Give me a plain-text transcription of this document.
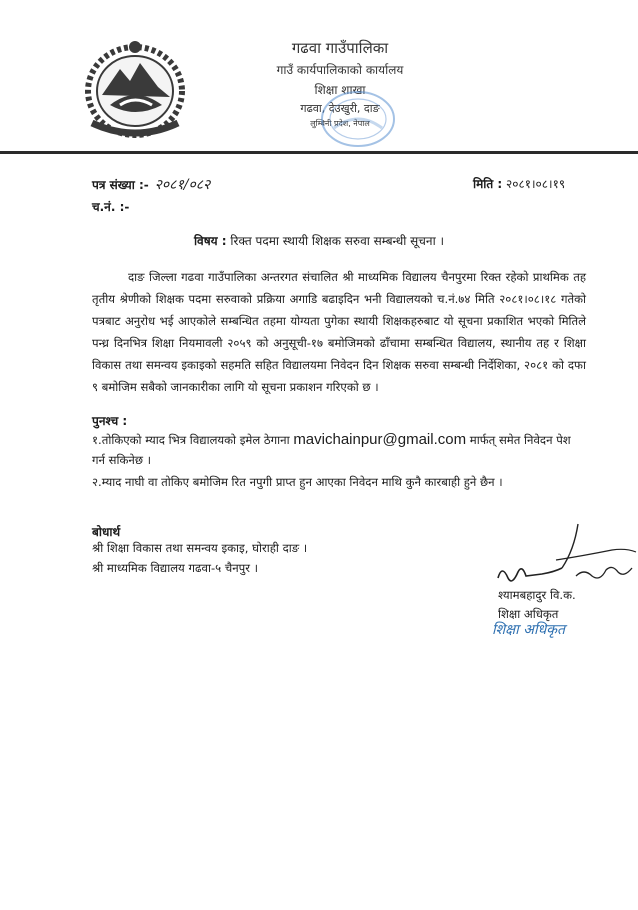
गढवा गाउँपालिका
गाउँ कार्यपालिकाको कार्यालय
शिक्षा शाखा
गढवा, देउखुरी, दाङ
लुम्बिनी प्रदेश, नेपाल
पत्र संख्या :- २०८१/०८२
च.नं. :-
मिति : २०८१।०८।१९
विषय : रिक्त पदमा स्थायी शिक्षक सरुवा सम्बन्धी सूचना ।
दाङ जिल्ला गढवा गाउँपालिका अन्तरगत संचालित श्री माध्यमिक विद्यालय चैनपुरमा रिक्त रहेको प्राथमिक तह तृतीय श्रेणीको शिक्षक पदमा सरुवाको प्रक्रिया अगाडि बढाइदिन भनी विद्यालयको च.नं.७४ मिति २०८१।०८।१८ गतेको पत्रबाट अनुरोध भई आएकोले सम्बन्धित तहमा योग्यता पुगेका स्थायी शिक्षकहरुबाट यो सूचना प्रकाशित भएको मितिले पन्ध्र दिनभित्र शिक्षा नियमावली २०५९ को अनुसूची-१७ बमोजिमको ढाँचामा सम्बन्धित विद्यालय, स्थानीय तह र शिक्षा विकास तथा समन्वय इकाइको सहमति सहित विद्यालयमा निवेदन दिन शिक्षक सरुवा सम्बन्धी निर्देशिका, २०८१ को दफा ९ बमोजिम सबैको जानकारीका लागि यो सूचना प्रकाशन गरिएको छ ।
पुनश्च :
१.तोकिएको म्याद भित्र विद्यालयको इमेल ठेगाना mavichainpur@gmail.com मार्फत् समेत निवेदन पेश गर्न सकिनेछ ।
२.म्याद नाघी वा तोकिए बमोजिम रित नपुगी प्राप्त हुन आएका निवेदन माथि कुनै कारबाही हुने छैन ।
बोधार्थ
श्री शिक्षा विकास तथा समन्वय इकाइ, घोराही दाङ ।
श्री माध्यमिक विद्यालय गढवा-५ चैनपुर ।
श्यामबहादुर वि.क.
शिक्षा अधिकृत
शिक्षा अधिकृत
